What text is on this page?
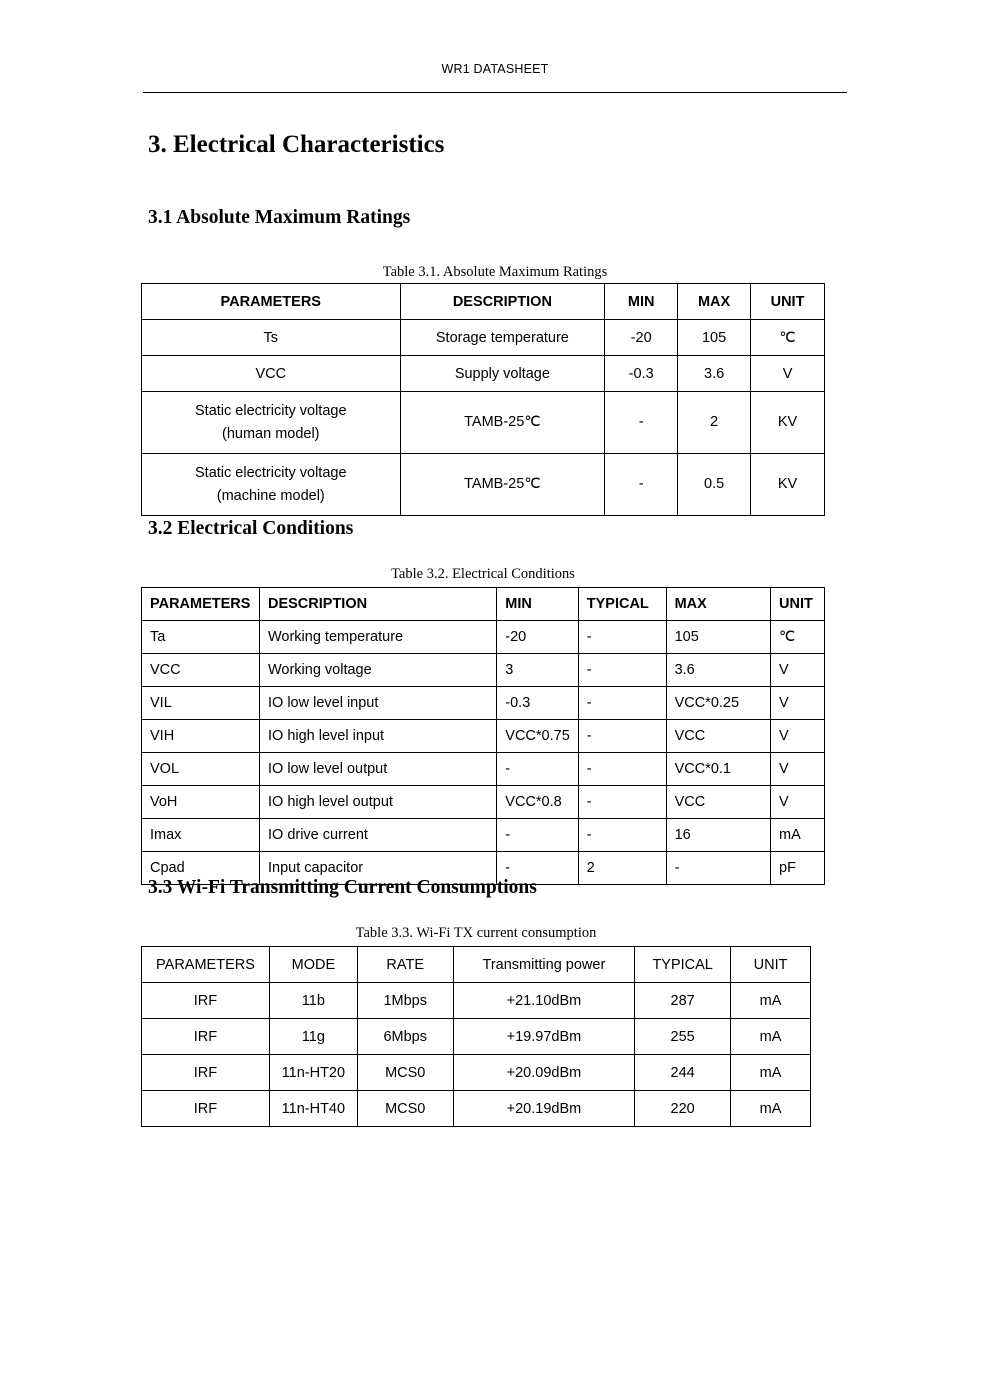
WR1 DATASHEET
3. Electrical Characteristics
3.1 Absolute Maximum Ratings

Table 3.1. Absolute Maximum Ratings

PARAMETERS	DESCRIPTION	MIN	MAX	UNIT
Ts	Storage temperature	-20	105	℃
VCC	Supply voltage	-0.3	3.6	V
Static electricity voltage
(human model)	TAMB-25℃	-	2	KV
Static electricity voltage
(machine model)	TAMB-25℃	-	0.5	KV
3.2 Electrical Conditions

Table 3.2. Electrical Conditions

PARAMETERS	DESCRIPTION	MIN	TYPICAL	MAX	UNIT
Ta	Working temperature	-20	-	105	℃
VCC	Working voltage	3	-	3.6	V
VIL	IO low level input	-0.3	-	VCC*0.25	V
VIH	IO high level input	VCC*0.75	-	VCC	V
VOL	IO low level output	-	-	VCC*0.1	V
VoH	IO high level output	VCC*0.8	-	VCC	V
Imax	IO drive current	-	-	16	mA
Cpad	Input capacitor	-	2	-	pF
3.3 Wi-Fi Transmitting Current Consumptions

Table 3.3. Wi-Fi TX current consumption

PARAMETERS	MODE	RATE	Transmitting power	TYPICAL	UNIT
IRF	11b	1Mbps	+21.10dBm	287	mA
IRF	11g	6Mbps	+19.97dBm	255	mA
IRF	11n-HT20	MCS0	+20.09dBm	244	mA
IRF	11n-HT40	MCS0	+20.19dBm	220	mA
